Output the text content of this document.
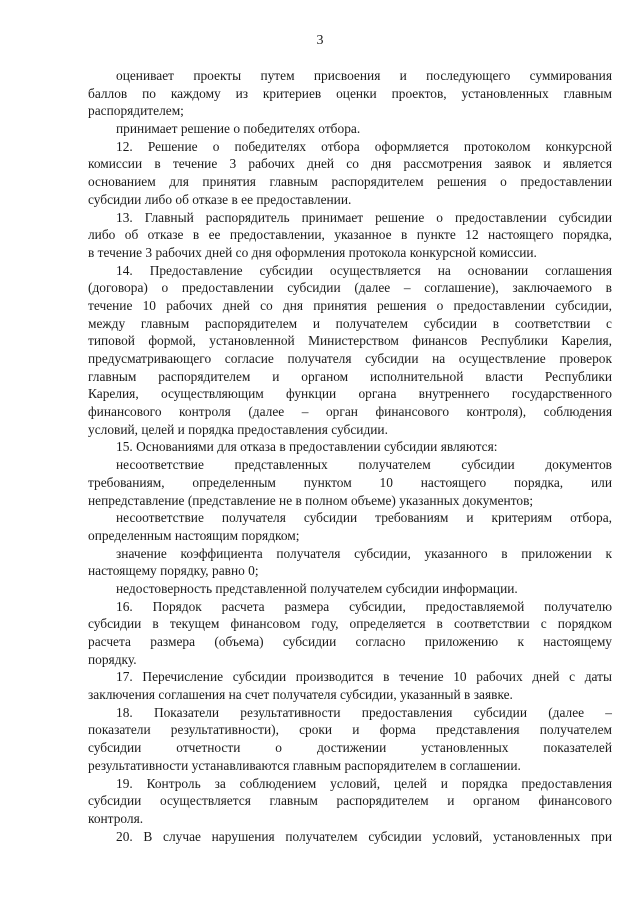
3
оценивает проекты путем присвоения и последующего суммирования
баллов по каждому из критериев оценки проектов, установленных главным
распорядителем;
принимает решение о победителях отбора.
12. Решение о победителях отбора оформляется протоколом конкурсной
комиссии в течение 3 рабочих дней со дня рассмотрения заявок и является
основанием для принятия главным распорядителем решения о предоставлении
субсидии либо об отказе в ее предоставлении.
13. Главный распорядитель принимает решение о предоставлении субсидии
либо об отказе в ее предоставлении, указанное в пункте 12 настоящего порядка,
в течение 3 рабочих дней со дня оформления протокола конкурсной комиссии.
14. Предоставление субсидии осуществляется на основании соглашения
(договора) о предоставлении субсидии (далее – соглашение), заключаемого в
течение 10 рабочих дней со дня принятия решения о предоставлении субсидии,
между главным распорядителем и получателем субсидии в соответствии с
типовой формой, установленной Министерством финансов Республики Карелия,
предусматривающего согласие получателя субсидии на осуществление проверок
главным распорядителем и органом исполнительной власти Республики
Карелия, осуществляющим функции органа внутреннего государственного
финансового контроля (далее – орган финансового контроля), соблюдения
условий, целей и порядка предоставления субсидии.
15. Основаниями для отказа в предоставлении субсидии являются:
несоответствие представленных получателем субсидии документов
требованиям, определенным пунктом 10 настоящего порядка, или
непредставление (представление не в полном объеме) указанных документов;
несоответствие получателя субсидии требованиям и критериям отбора,
определенным настоящим порядком;
значение коэффициента получателя субсидии, указанного в приложении к
настоящему порядку, равно 0;
недостоверность представленной получателем субсидии информации.
16. Порядок расчета размера субсидии, предоставляемой получателю
субсидии в текущем финансовом году, определяется в соответствии с порядком
расчета размера (объема) субсидии согласно приложению к настоящему
порядку.
17. Перечисление субсидии производится в течение 10 рабочих дней с даты
заключения соглашения на счет получателя субсидии, указанный в заявке.
18. Показатели результативности предоставления субсидии (далее –
показатели результативности), сроки и форма представления получателем
субсидии отчетности о достижении установленных показателей
результативности устанавливаются главным распорядителем в соглашении.
19. Контроль за соблюдением условий, целей и порядка предоставления
субсидии осуществляется главным распорядителем и органом финансового
контроля.
20. В случае нарушения получателем субсидии условий, установленных при
